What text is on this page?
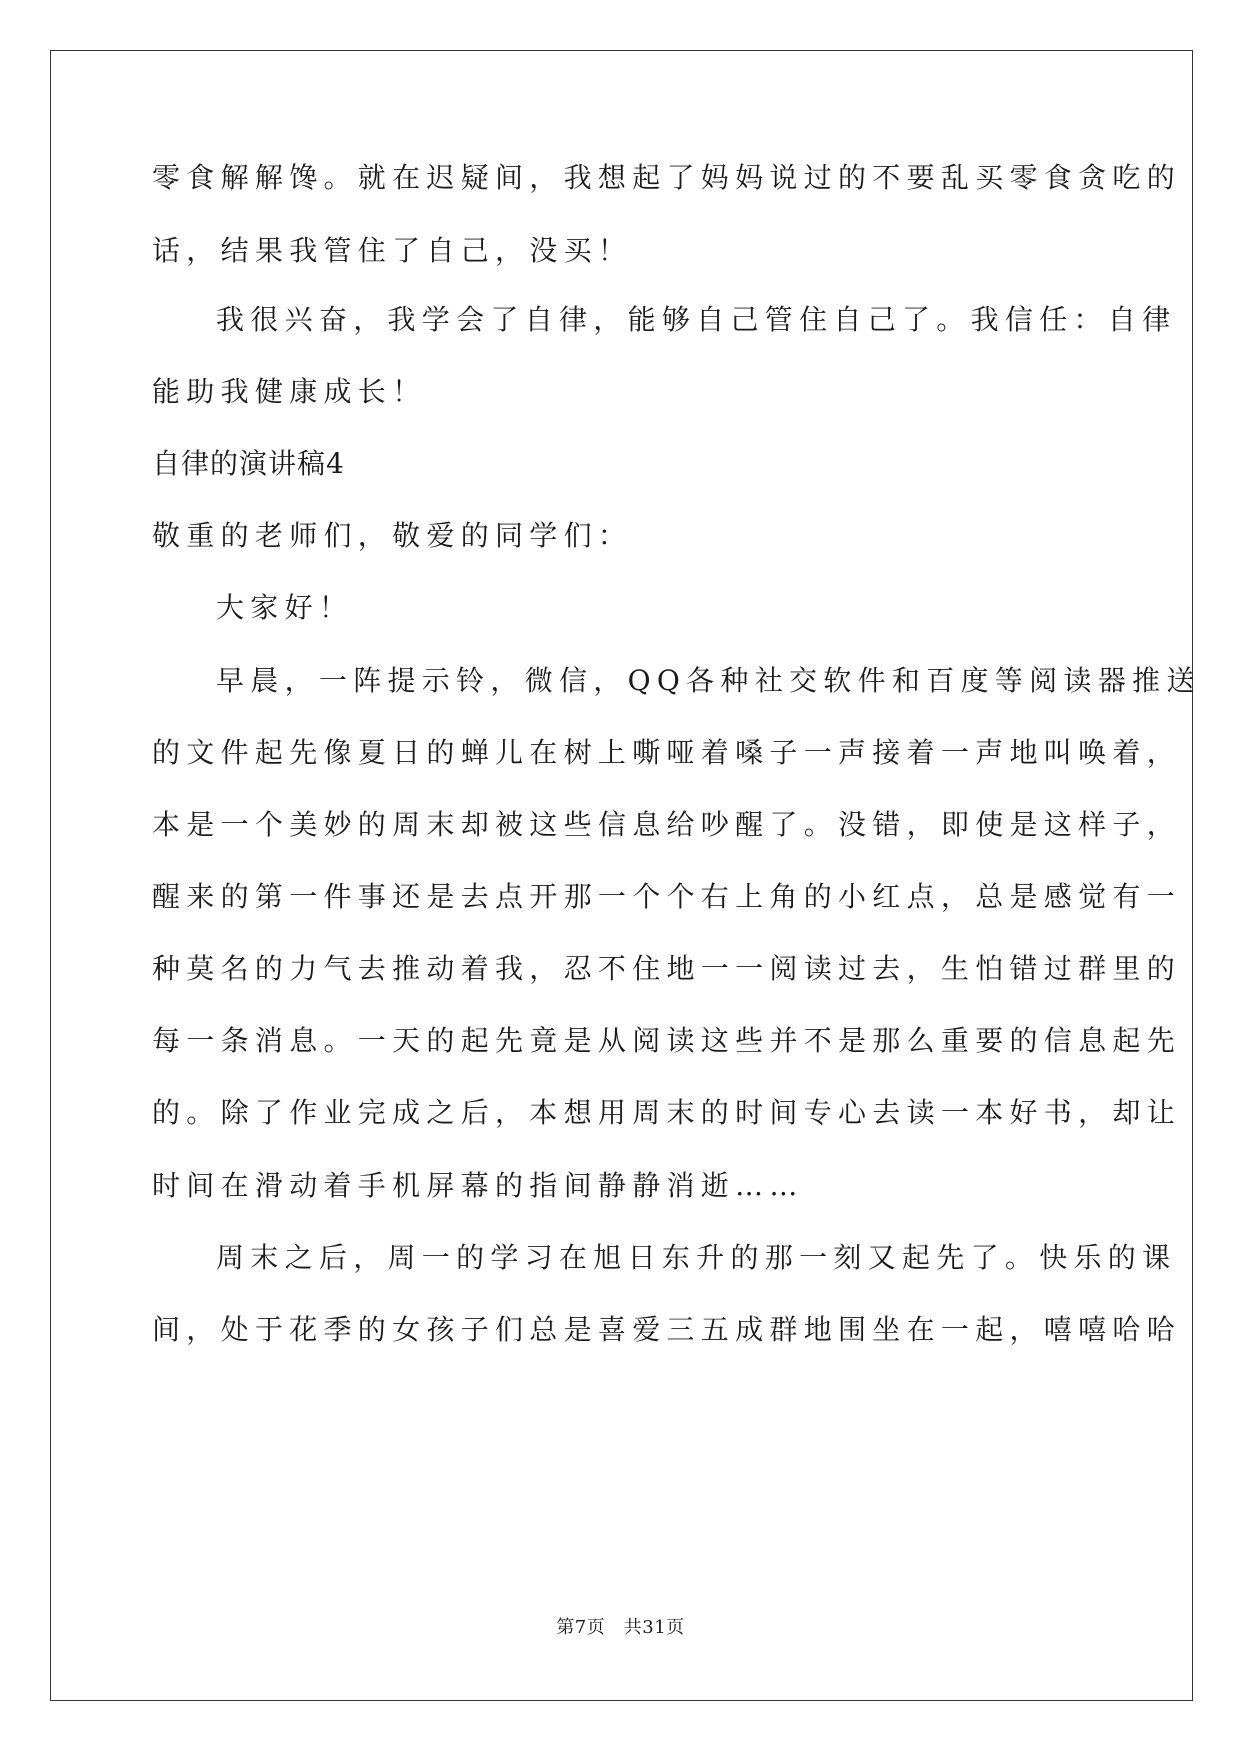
零食解解馋。就在迟疑间，我想起了妈妈说过的不要乱买零食贪吃的
话，结果我管住了自己，没买！
我很兴奋，我学会了自律，能够自己管住自己了。我信任：自律
能助我健康成长！
自律的演讲稿4
敬重的老师们，敬爱的同学们：
大家好！
早晨，一阵提示铃，微信，QQ各种社交软件和百度等阅读器推送
的文件起先像夏日的蝉儿在树上嘶哑着嗓子一声接着一声地叫唤着，
本是一个美妙的周末却被这些信息给吵醒了。没错，即使是这样子，
醒来的第一件事还是去点开那一个个右上角的小红点，总是感觉有一
种莫名的力气去推动着我，忍不住地一一阅读过去，生怕错过群里的
每一条消息。一天的起先竟是从阅读这些并不是那么重要的信息起先
的。除了作业完成之后，本想用周末的时间专心去读一本好书，却让
时间在滑动着手机屏幕的指间静静消逝……
周末之后，周一的学习在旭日东升的那一刻又起先了。快乐的课
间，处于花季的女孩子们总是喜爱三五成群地围坐在一起，嘻嘻哈哈
第7页　共31页
